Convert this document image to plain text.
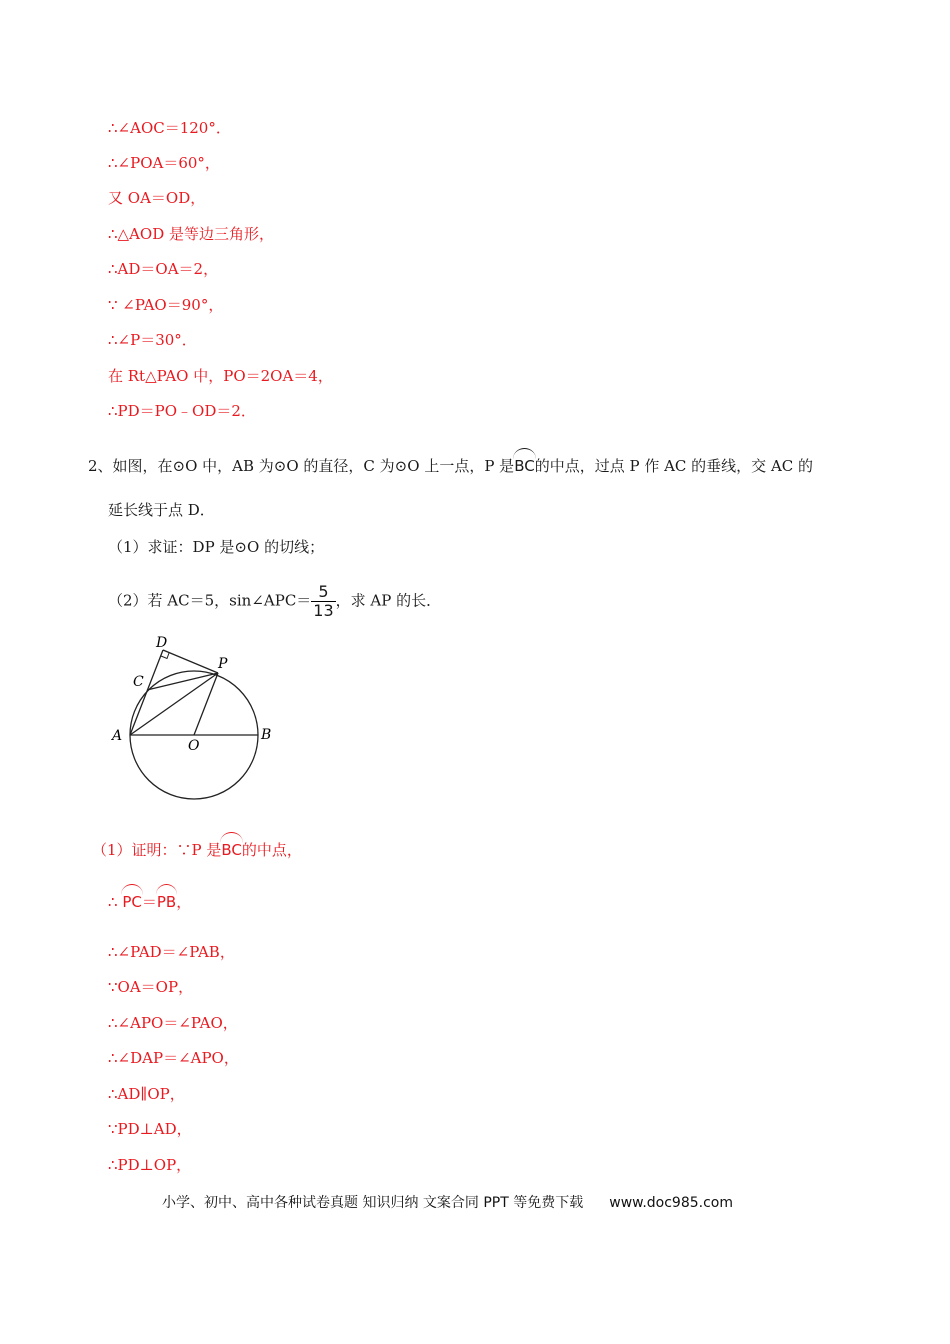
∴∠AOC＝120°．
∴∠POA＝60°，
又 OA＝OD，
∴△AOD 是等边三角形，
∴AD＝OA＝2，
∵ ∠PAO＝90°，
∴∠P＝30°．
在 Rt△PAO 中，PO＝2OA＝4，
∴PD＝PO﹣OD＝2．
2、如图，在⊙O 中，AB 为⊙O 的直径，C 为⊙O 上一点，P 是BC的中点，过点 P 作 AC 的垂线，交 AC 的
延长线于点 D．
（1）求证：DP 是⊙O 的切线；
（2）若 AC＝5，sin∠APC＝ $\frac{5}{13}$ ，求 AP 的长．
D
P
C
A
O
B
（1）证明：∵P 是BC的中点，
∴ PC＝PB，
∴∠PAD＝∠PAB，
∵OA＝OP，
∴∠APO＝∠PAO，
∴∠DAP＝∠APO，
∴AD∥OP，
∵PD⊥AD，
∴PD⊥OP，
小学、初中、高中各种试卷真题 知识归纳 文案合同 PPT 等免费下载 www.doc985.com
